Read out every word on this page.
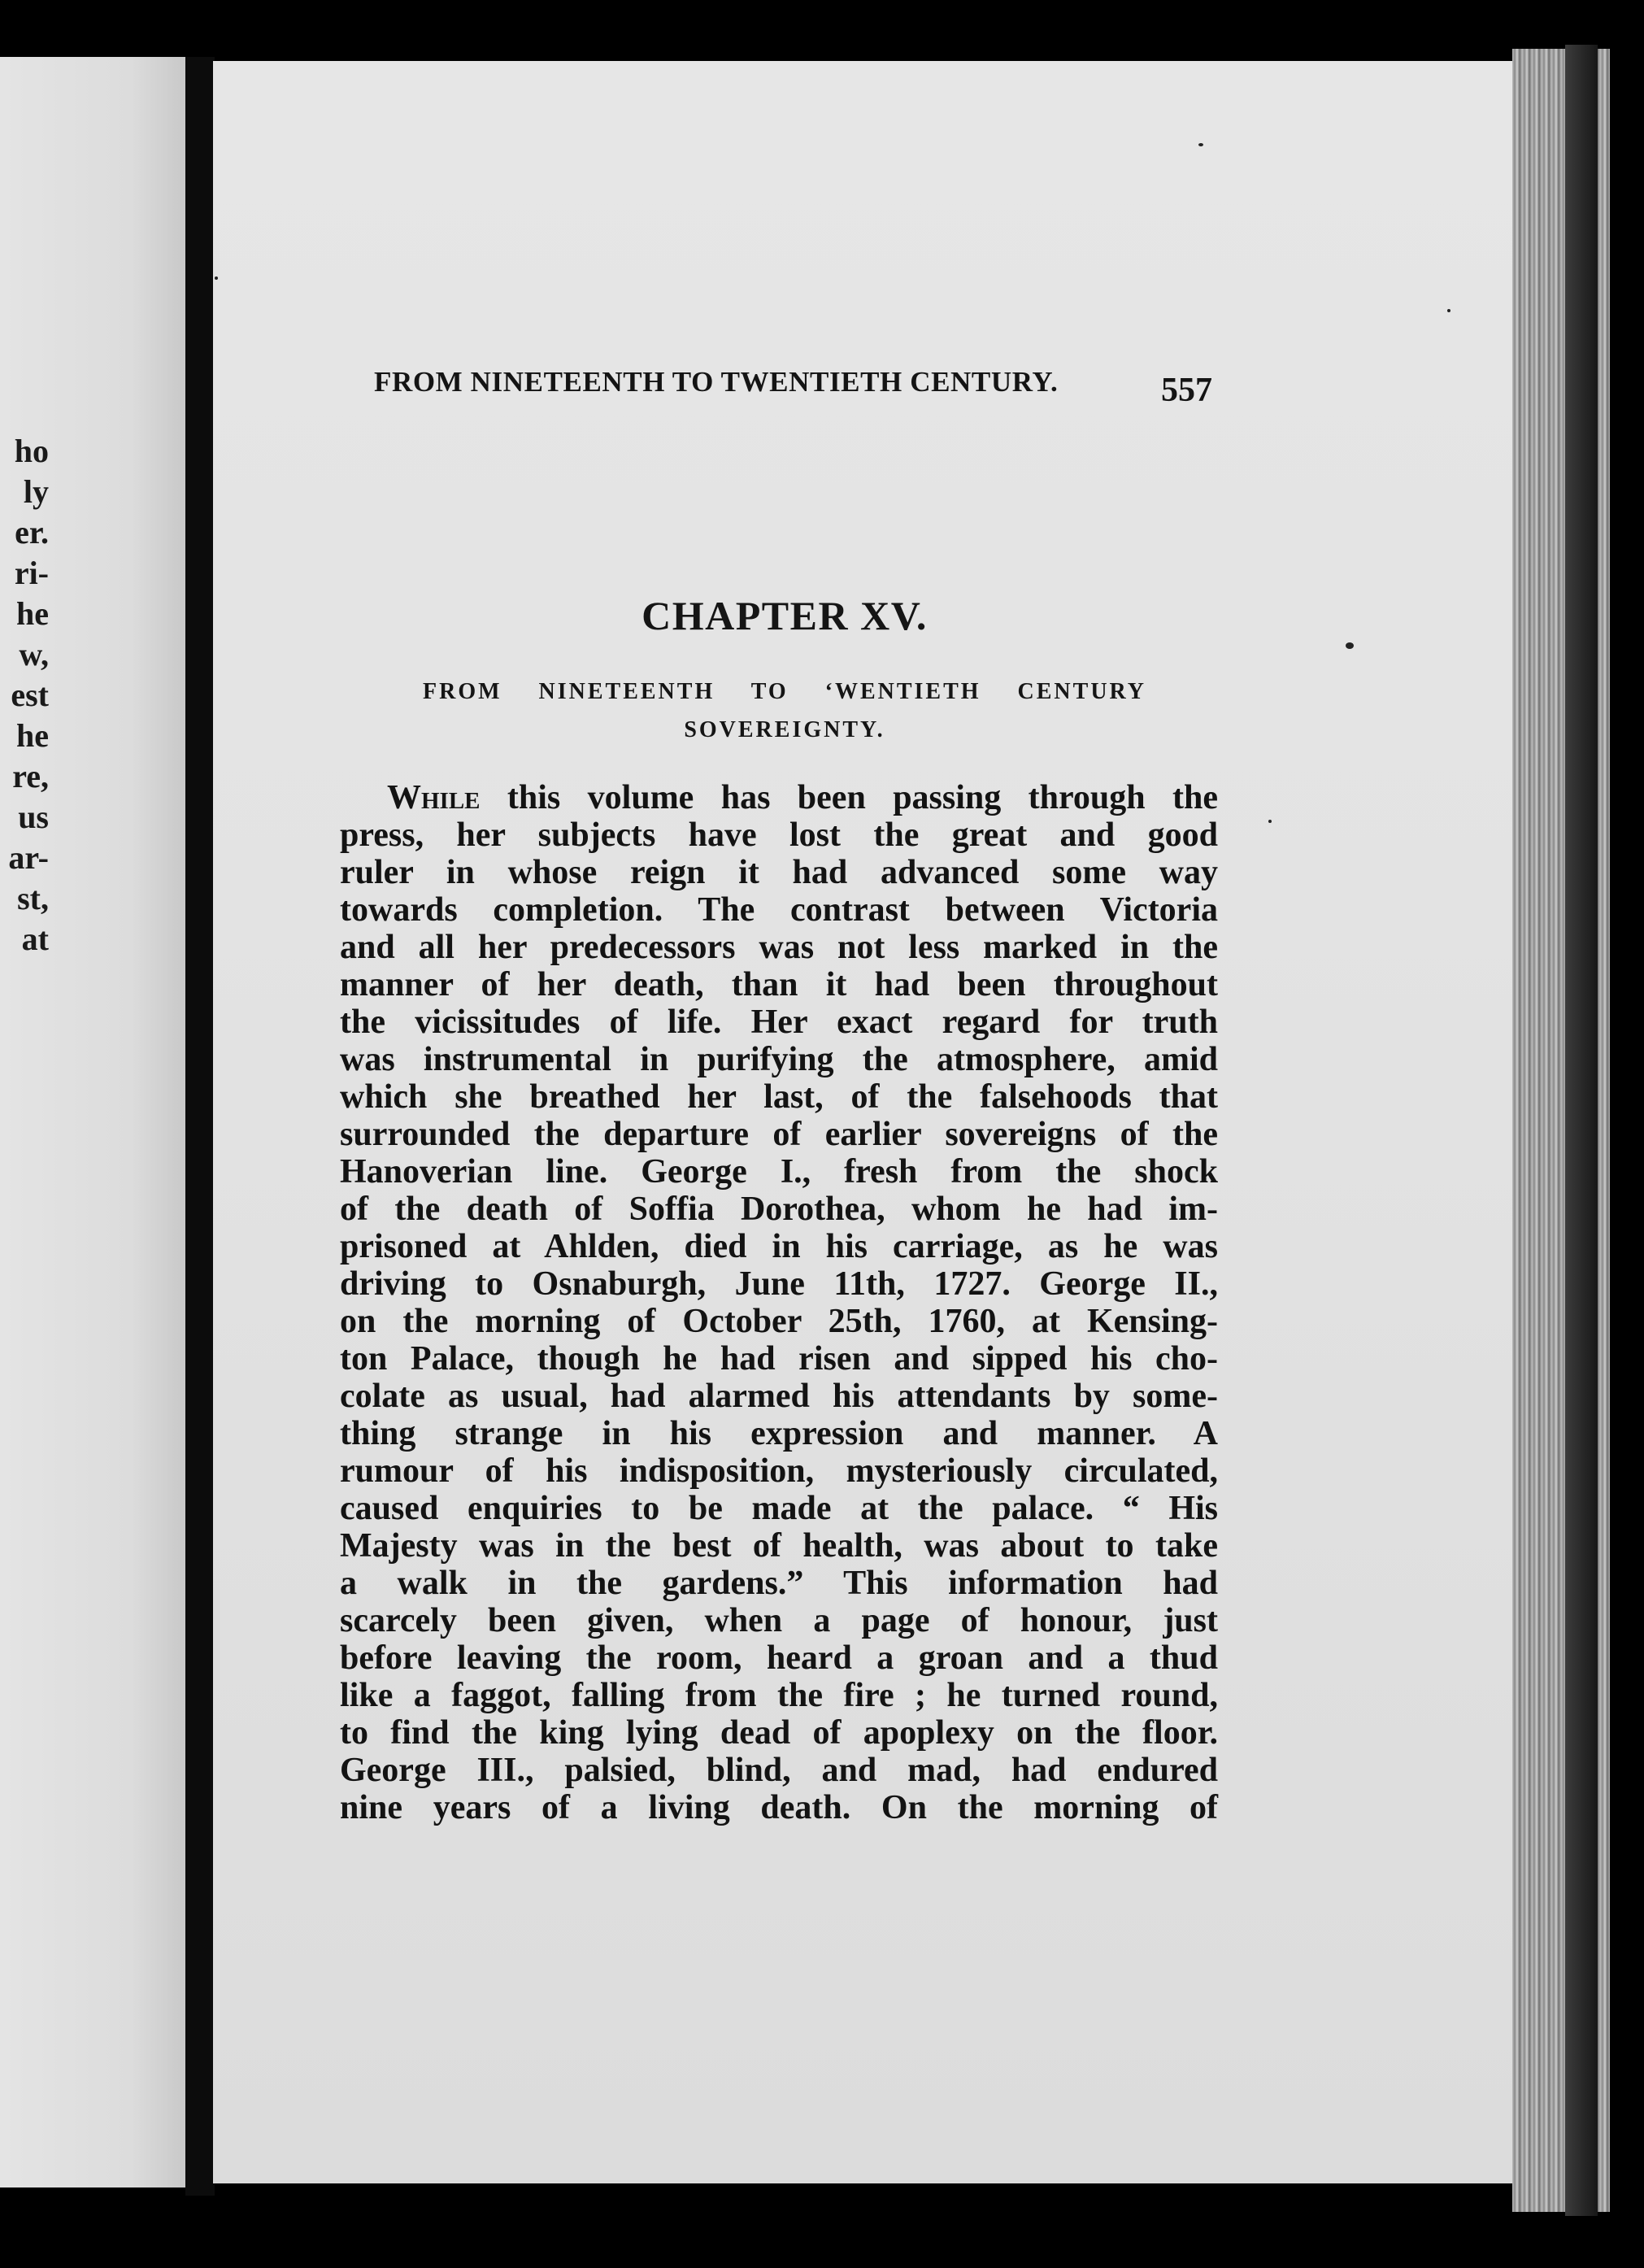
ho
ly
er.
ri-
he
w,
est
he
re,
us
ar-
st,
at
FROM NINETEENTH TO TWENTIETH CENTURY.	557
CHAPTER XV.
FROM NINETEENTH TO ‘WENTIETH CENTURY
SOVEREIGNTY.
While this volume has been passing through the
press, her subjects have lost the great and good
ruler in whose reign it had advanced some way
towards completion. The contrast between Victoria
and all her predecessors was not less marked in the
manner of her death, than it had been throughout
the vicissitudes of life. Her exact regard for truth
was instrumental in purifying the atmosphere, amid
which she breathed her last, of the falsehoods that
surrounded the departure of earlier sovereigns of the
Hanoverian line. George I., fresh from the shock
of the death of Soffia Dorothea, whom he had im-
prisoned at Ahlden, died in his carriage, as he was
driving to Osnaburgh, June 11th, 1727. George II.,
on the morning of October 25th, 1760, at Kensing-
ton Palace, though he had risen and sipped his cho-
colate as usual, had alarmed his attendants by some-
thing strange in his expression and manner. A
rumour of his indisposition, mysteriously circulated,
caused enquiries to be made at the palace. “ His
Majesty was in the best of health, was about to take
a walk in the gardens.” This information had
scarcely been given, when a page of honour, just
before leaving the room, heard a groan and a thud
like a faggot, falling from the fire ; he turned round,
to find the king lying dead of apoplexy on the floor.
George III., palsied, blind, and mad, had endured
nine years of a living death. On the morning of
